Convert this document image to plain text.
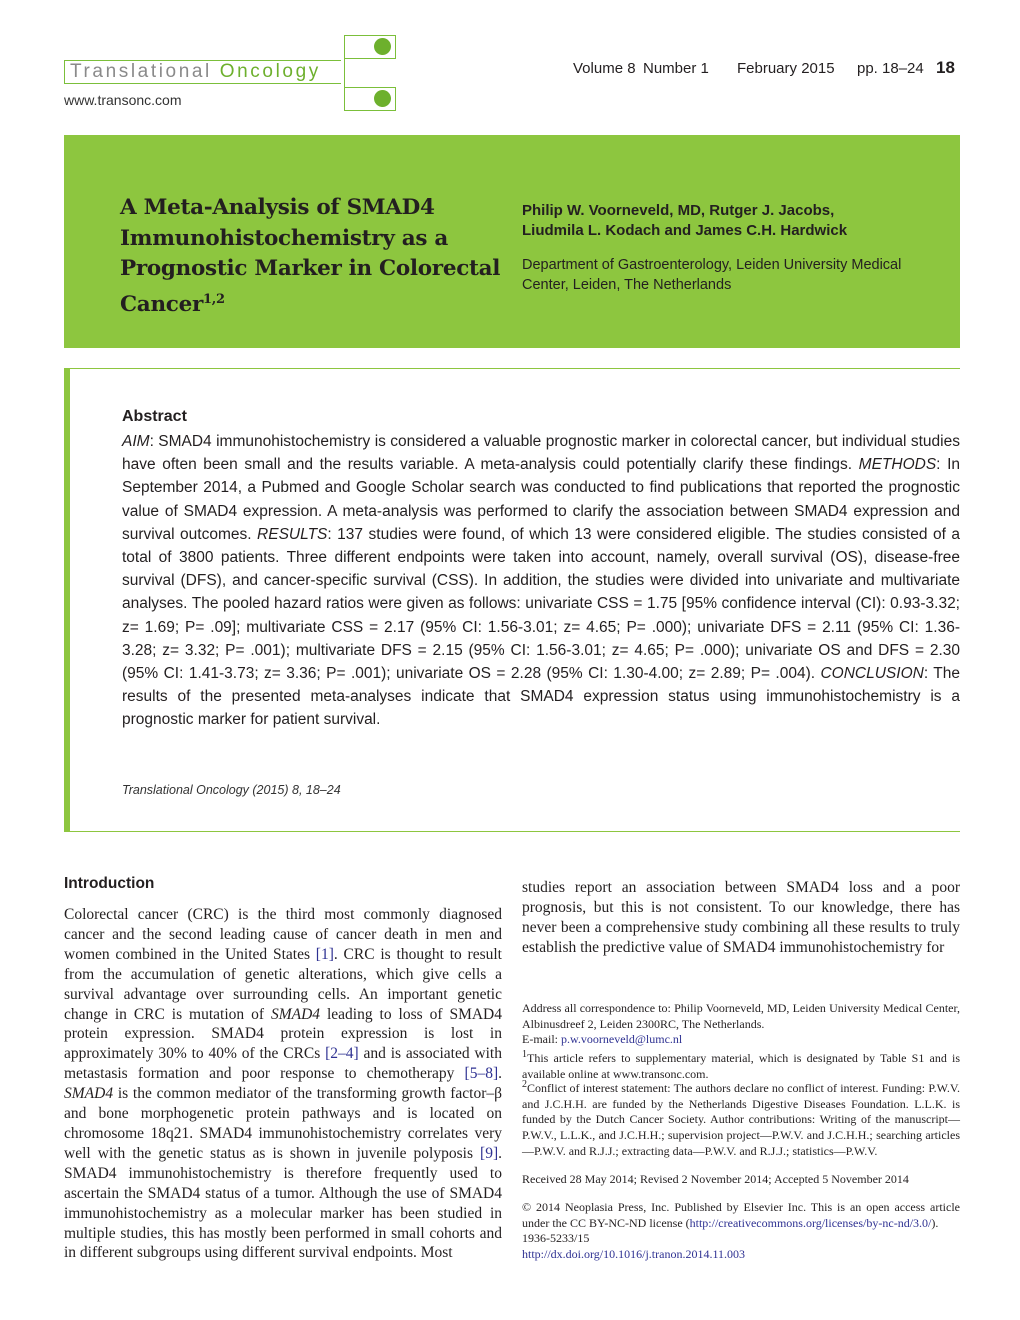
Translational Oncology
www.transonc.com
Volume 8 Number 1 February 2015 pp. 18–24 18
A Meta-Analysis of SMAD4 Immunohistochemistry as a Prognostic Marker in Colorectal Cancer$^{1,2}$
Philip W. Voorneveld, MD, Rutger J. Jacobs,
Liudmila L. Kodach and James C.H. Hardwick
Department of Gastroenterology, Leiden University Medical Center, Leiden, The Netherlands
Abstract

AIM: SMAD4 immunohistochemistry is considered a valuable prognostic marker in colorectal cancer, but individual studies have often been small and the results variable. A meta-analysis could potentially clarify these findings. METHODS: In September 2014, a Pubmed and Google Scholar search was conducted to find publications that reported the prognostic value of SMAD4 expression. A meta-analysis was performed to clarify the association between SMAD4 expression and survival outcomes. RESULTS: 137 studies were found, of which 13 were considered eligible. The studies consisted of a total of 3800 patients. Three different endpoints were taken into account, namely, overall survival (OS), disease-free survival (DFS), and cancer-specific survival (CSS). In addition, the studies were divided into univariate and multivariate analyses. The pooled hazard ratios were given as follows: univariate CSS = 1.75 [95% confidence interval (CI): 0.93-3.32; z= 1.69; P= .09]; multivariate CSS = 2.17 (95% CI: 1.56-3.01; z= 4.65; P= .000); univariate DFS = 2.11 (95% CI: 1.36-3.28; z= 3.32; P= .001); multivariate DFS = 2.15 (95% CI: 1.56-3.01; z= 4.65; P= .000); univariate OS and DFS = 2.30 (95% CI: 1.41-3.73; z= 3.36; P= .001); univariate OS = 2.28 (95% CI: 1.30-4.00; z= 2.89; P= .004). CONCLUSION: The results of the presented meta-analyses indicate that SMAD4 expression status using immunohistochemistry is a prognostic marker for patient survival.

Translational Oncology (2015) 8, 18–24
Introduction

Colorectal cancer (CRC) is the third most commonly diagnosed cancer and the second leading cause of cancer death in men and women combined in the United States [1]. CRC is thought to result from the accumulation of genetic alterations, which give cells a survival advantage over surrounding cells. An important genetic change in CRC is mutation of SMAD4 leading to loss of SMAD4 protein expression. SMAD4 protein expression is lost in approximately 30% to 40% of the CRCs [2–4] and is associated with metastasis formation and poor response to chemotherapy [5–8]. SMAD4 is the common mediator of the transforming growth factor–β and bone morphogenetic protein pathways and is located on chromosome 18q21. SMAD4 immunohistochemistry correlates very well with the genetic status as is shown in juvenile polyposis [9]. SMAD4 immunohistochemistry is therefore frequently used to ascertain the SMAD4 status of a tumor. Although the use of SMAD4 immunohistochemistry as a molecular marker has been studied in multiple studies, this has mostly been performed in small cohorts and in different subgroups using different survival endpoints. Most

studies report an association between SMAD4 loss and a poor prognosis, but this is not consistent. To our knowledge, there has never been a comprehensive study combining all these results to truly establish the predictive value of SMAD4 immunohistochemistry for

Address all correspondence to: Philip Voorneveld, MD, Leiden University Medical Center, Albinusdreef 2, Leiden 2300RC, The Netherlands.
E-mail: p.w.voorneveld@lumc.nl

$^1$This article refers to supplementary material, which is designated by Table S1 and is available online at www.transonc.com.

$^2$Conflict of interest statement: The authors declare no conflict of interest. Funding: P.W.V. and J.C.H.H. are funded by the Netherlands Digestive Diseases Foundation. L.L.K. is funded by the Dutch Cancer Society. Author contributions: Writing of the manuscript—P.W.V., L.L.K., and J.C.H.H.; supervision project—P.W.V. and J.C.H.H.; searching articles—P.W.V. and R.J.J.; extracting data—P.W.V. and R.J.J.; statistics—P.W.V.

Received 28 May 2014; Revised 2 November 2014; Accepted 5 November 2014

© 2014 Neoplasia Press, Inc. Published by Elsevier Inc. This is an open access article under the CC BY-NC-ND license (http://creativecommons.org/licenses/by-nc-nd/3.0/).
1936-5233/15
http://dx.doi.org/10.1016/j.tranon.2014.11.003
